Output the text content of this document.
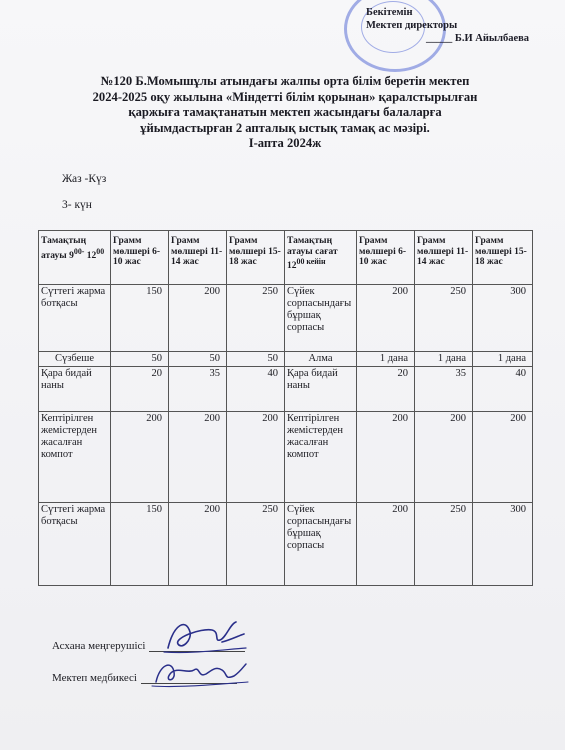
Бекітемін
Мектеп директоры
_____ Б.И Айылбаева
№120 Б.Момышұлы атындағы жалпы орта білім беретін мектеп
2024-2025 оқу жылына «Міндетті білім қорынан» қаралстырылған
қаржыға тамақтанатын мектеп жасындағы балаларға
ұйымдастырған 2 апталық ыстық тамақ ас мәзірі.
I-апта 2024ж
Жаз -Күз
3- күн
Тамақтың атауы $9^{00-}$ $12^{00}$	Грамм мөлшері 6-10 жас	Грамм мөлшері 11-14 жас	Грамм мөлшері 15-18 жас	Тамақтың атауы сағат $12^{00 кейін}$	Грамм мөлшері 6-10 жас	Грамм мөлшері 11-14 жас	Грамм мөлшері 15-18 жас
Сүттегі жарма ботқасы	150	200	250	Сүйек сорпасындағы бұршақ сорпасы	200	250	300
Сүзбеше	50	50	50	Алма	1 дана	1 дана	1 дана
Қара бидай наны	20	35	40	Қара бидай наны	20	35	40
Кептірілген жемістерден жасалған компот	200	200	200	Кептірілген жемістерден жасалған компот	200	200	200
Сүттегі жарма ботқасы	150	200	250	Сүйек сорпасындағы бұршақ сорпасы	200	250	300
Асхана меңгерушісі
Мектеп медбикесі
